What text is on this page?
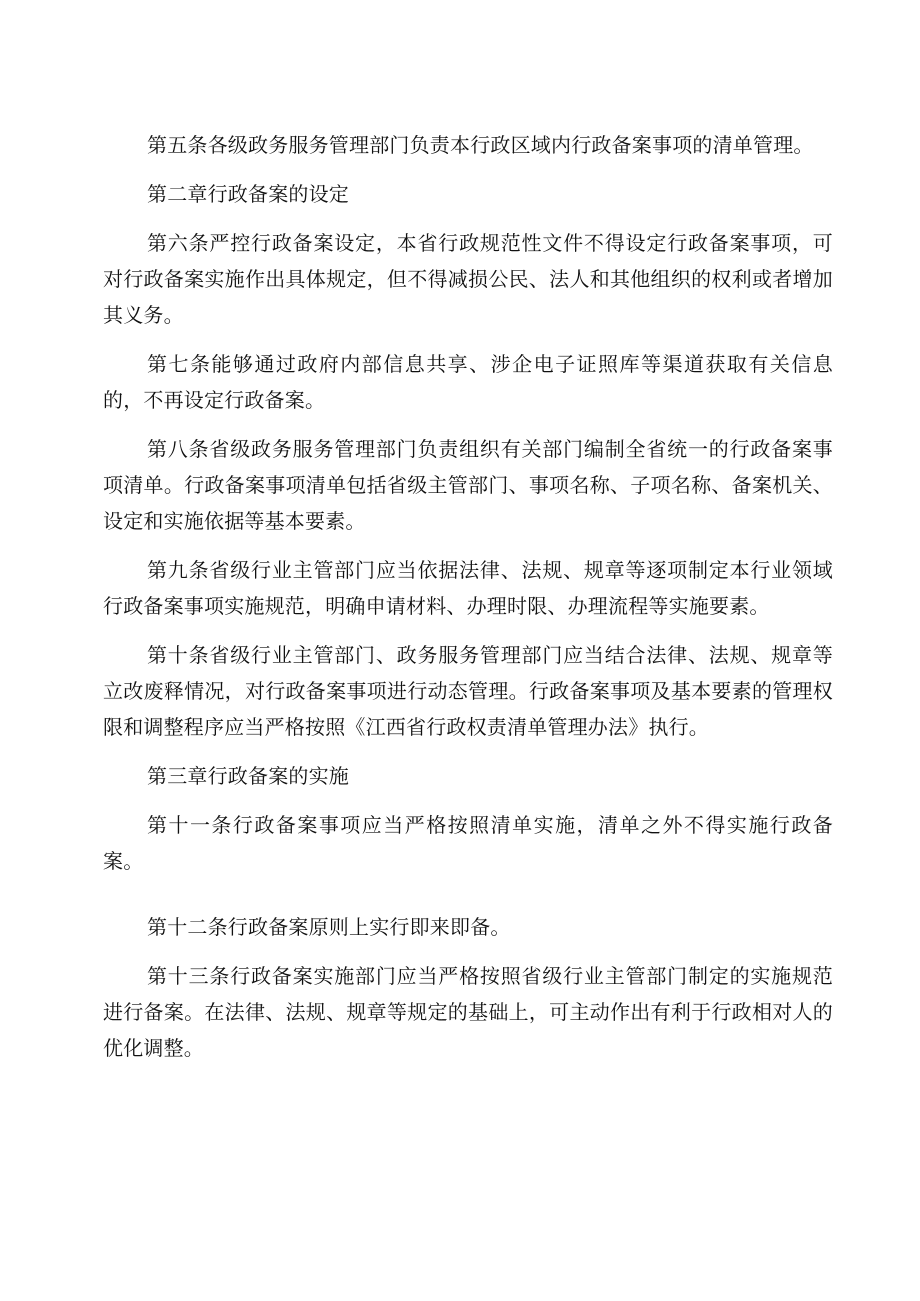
第五条各级政务服务管理部门负责本行政区域内行政备案事项的清单管理。

第二章行政备案的设定

第六条严控行政备案设定，本省行政规范性文件不得设定行政备案事项，可对行政备案实施作出具体规定，但不得减损公民、法人和其他组织的权利或者增加其义务。

第七条能够通过政府内部信息共享、涉企电子证照库等渠道获取有关信息的，不再设定行政备案。

第八条省级政务服务管理部门负责组织有关部门编制全省统一的行政备案事项清单。行政备案事项清单包括省级主管部门、事项名称、子项名称、备案机关、设定和实施依据等基本要素。

第九条省级行业主管部门应当依据法律、法规、规章等逐项制定本行业领域行政备案事项实施规范，明确申请材料、办理时限、办理流程等实施要素。

第十条省级行业主管部门、政务服务管理部门应当结合法律、法规、规章等立改废释情况，对行政备案事项进行动态管理。行政备案事项及基本要素的管理权限和调整程序应当严格按照《江西省行政权责清单管理办法》执行。

第三章行政备案的实施

第十一条行政备案事项应当严格按照清单实施，清单之外不得实施行政备案。

第十二条行政备案原则上实行即来即备。

第十三条行政备案实施部门应当严格按照省级行业主管部门制定的实施规范进行备案。在法律、法规、规章等规定的基础上，可主动作出有利于行政相对人的优化调整。
